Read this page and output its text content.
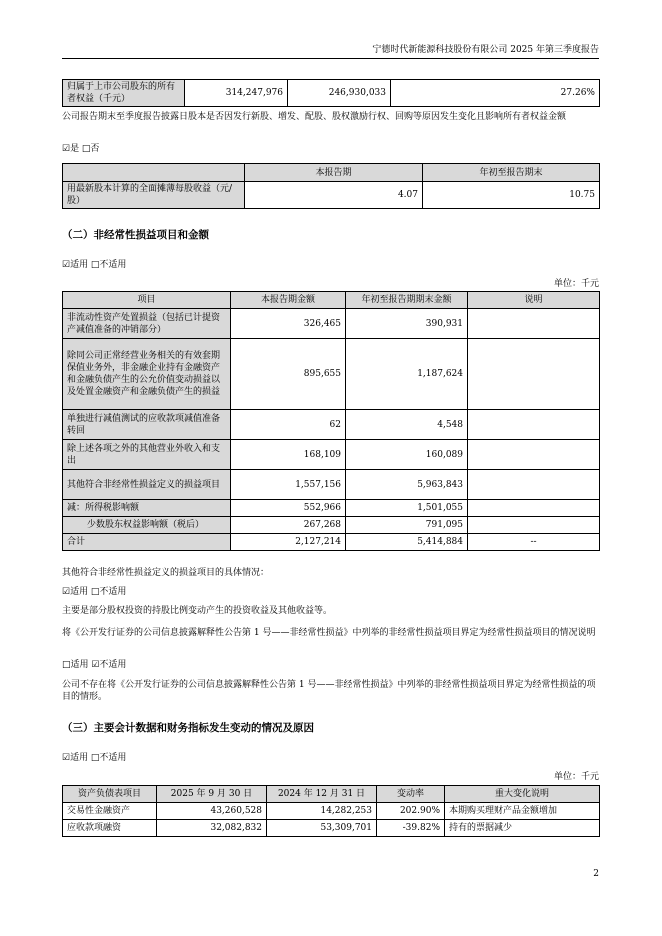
宁德时代新能源科技股份有限公司 2025 年第三季度报告
归属于上市公司股东的所有者权益（千元）	314,247,976	246,930,033	27.26%
公司报告期末至季度报告披露日股本是否因发行新股、增发、配股、股权激励行权、回购等原因发生变化且影响所有者权益金额
☑是 □否
	本报告期	年初至报告期末
用最新股本计算的全面摊薄每股收益（元/股）	4.07	10.75
（二）非经常性损益项目和金额
☑适用 □不适用
单位：千元
项目	本报告期金额	年初至报告期期末金额	说明
非流动性资产处置损益（包括已计提资产减值准备的冲销部分）	326,465	390,931	
除同公司正常经营业务相关的有效套期保值业务外，非金融企业持有金融资产和金融负债产生的公允价值变动损益以及处置金融资产和金融负债产生的损益	895,655	1,187,624	
单独进行减值测试的应收款项减值准备转回	62	4,548	
除上述各项之外的其他营业外收入和支出	168,109	160,089	
其他符合非经常性损益定义的损益项目	1,557,156	5,963,843	
减：所得税影响额	552,966	1,501,055	
少数股东权益影响额（税后）	267,268	791,095	
合计	2,127,214	5,414,884	--
其他符合非经常性损益定义的损益项目的具体情况：
☑适用 □不适用
主要是部分股权投资的持股比例变动产生的投资收益及其他收益等。
将《公开发行证券的公司信息披露解释性公告第 1 号——非经常性损益》中列举的非经常性损益项目界定为经常性损益项目的情况说明
□适用 ☑不适用
公司不存在将《公开发行证券的公司信息披露解释性公告第 1 号——非经常性损益》中列举的非经常性损益项目界定为经常性损益的项目的情形。
（三）主要会计数据和财务指标发生变动的情况及原因
☑适用 □不适用
单位：千元
资产负债表项目	2025 年 9 月 30 日	2024 年 12 月 31 日	变动率	重大变化说明
交易性金融资产	43,260,528	14,282,253	202.90%	本期购买理财产品金额增加
应收款项融资	32,082,832	53,309,701	-39.82%	持有的票据减少
2
